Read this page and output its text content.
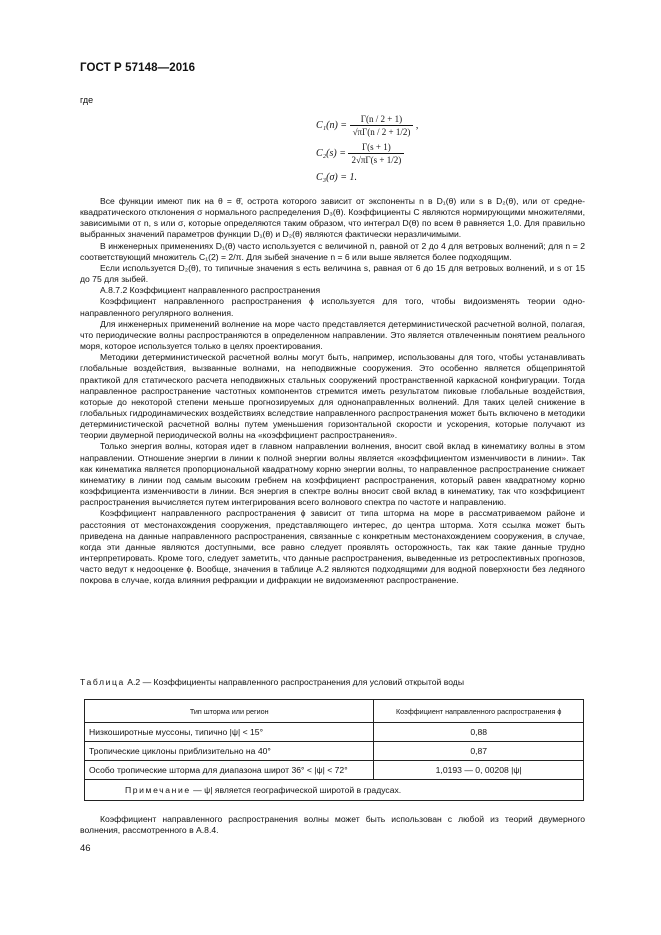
ГОСТ Р 57148—2016
где
$C_1(n) = \frac{\Gamma(n / 2 + 1)}{√\pi\Gamma(n / 2 + 1/2)}$ ,
$C_2(s) = \frac{\Gamma(s + 1)}{2√\pi\Gamma(s + 1/2)}$
C₃(σ) = 1.

Все функции имеют пик на θ = θ̄, острота которого зависит от экспоненты n в D₁(θ) или s в D₂(θ), или от средне-квадратического отклонения σ нормального распределения D₃(θ). Коэффициенты C являются нормирующими множителями, зависимыми от n, s или σ, которые определяются таким образом, что интеграл D(θ) по всем θ равняется 1,0. Для правильно выбранных значений параметров функции D₁(θ) и D₂(θ) являются фактически неразличимыми.

В инженерных применениях D₁(θ) часто используется с величиной n, равной от 2 до 4 для ветровых волнений; для n = 2 соответствующий множитель C₁(2) = 2/π. Для зыбей значение n = 6 или выше является более подходящим.

Если используется D₂(θ), то типичные значения s есть величина s, равная от 6 до 15 для ветровых волнений, и s от 15 до 75 для зыбей.

А.8.7.2 Коэффициент направленного распространения

Коэффициент направленного распространения ϕ используется для того, чтобы видоизменять теории одно-направленного регулярного волнения.

Для инженерных применений волнение на море часто представляется детерминистической расчетной волной, полагая, что периодические волны распространяются в определенном направлении. Это является отвлеченным понятием реального моря, которое используется только в целях проектирования.

Методики детерминистической расчетной волны могут быть, например, использованы для того, чтобы устанавливать глобальные воздействия, вызванные волнами, на неподвижные сооружения. Это особенно является общепринятой практикой для статического расчета неподвижных стальных сооружений пространственной каркасной конфигурации. Тогда направленное распространение частотных компонентов стремится иметь результатом пиковые глобальные воздействия, которые до некоторой степени меньше прогнозируемых для однонаправленных волнений. Для таких целей снижение в глобальных гидродинамических воздействиях вследствие направленного распространения может быть включено в методики детерминистической расчетной волны путем уменьшения горизонтальной скорости и ускорения, которые получают из теории двумерной периодической волны на «коэффициент распространения».

Только энергия волны, которая идет в главном направлении волнения, вносит свой вклад в кинематику волны в этом направлении. Отношение энергии в линии к полной энергии волны является «коэффициентом изменчивости в линии». Так как кинематика является пропорциональной квадратному корню энергии волны, то направленное распространение снижает кинематику в линии под самым высоким гребнем на коэффициент распространения, который равен квадратному корню коэффициента изменчивости в линии. Вся энергия в спектре волны вносит свой вклад в кинематику, так что коэффициент распространения вычисляется путем интегрирования всего волнового спектра по частоте и направлению.

Коэффициент направленного распространения ϕ зависит от типа шторма на море в рассматриваемом районе и расстояния от местонахождения сооружения, представляющего интерес, до центра шторма. Хотя ссылка может быть приведена на данные направленного распространения, связанные с конкретным местонахождением сооружения, в случае, когда эти данные являются доступными, все равно следует проявлять осторожность, так как такие данные трудно интерпретировать. Кроме того, следует заметить, что данные распространения, выведенные из ретроспективных прогнозов, часто ведут к недооценке ϕ. Вообще, значения в таблице А.2 являются подходящими для водной поверхности без ледяного покрова в случае, когда влияния рефракции и дифракции не видоизменяют распространение.

Таблица А.2 — Коэффициенты направленного распространения для условий открытой воды
Тип шторма или регион	Коэффициент направленного распространения ϕ
Низкоширотные муссоны, типично |ψ| < 15°	0,88
Тропические циклоны приблизительно на 40°	0,87
Особо тропические шторма для диапазона широт 36° < |ψ| < 72°	1,0193 — 0, 00208 |ψ|
Примечание — ψ| является географической широтой в градусах.	

Коэффициент направленного распространения волны может быть использован с любой из теорий двумерного волнения, рассмотренного в А.8.4.

46
